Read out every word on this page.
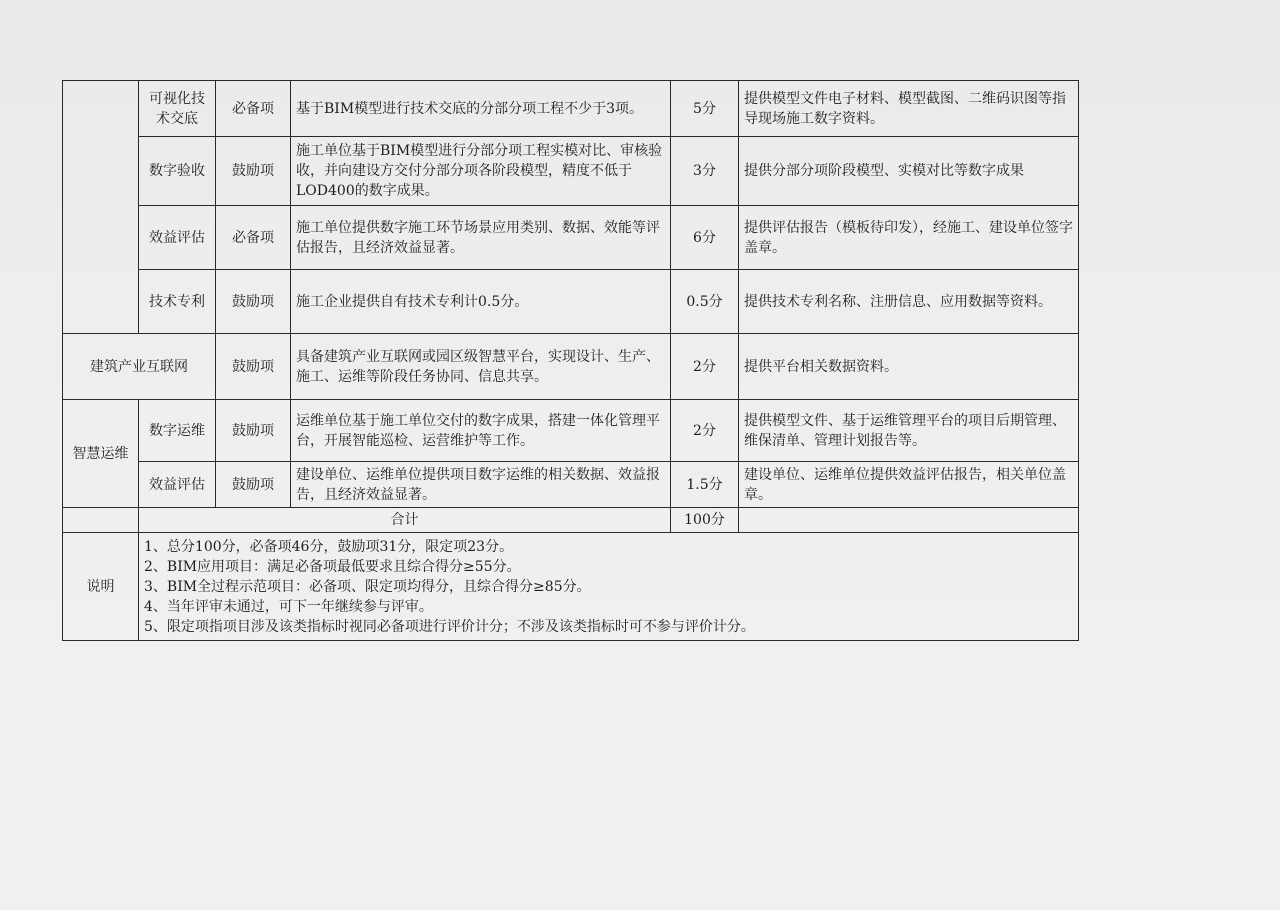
	可视化技术交底	必备项	基于BIM模型进行技术交底的分部分项工程不少于3项。	5分	提供模型文件电子材料、模型截图、二维码识图等指导现场施工数字资料。
	数字验收	鼓励项	施工单位基于BIM模型进行分部分项工程实模对比、审核验收，并向建设方交付分部分项各阶段模型，精度不低于LOD400的数字成果。	3分	提供分部分项阶段模型、实模对比等数字成果
	效益评估	必备项	施工单位提供数字施工环节场景应用类别、数据、效能等评估报告，且经济效益显著。	6分	提供评估报告（模板待印发），经施工、建设单位签字盖章。
	技术专利	鼓励项	施工企业提供自有技术专利计0.5分。	0.5分	提供技术专利名称、注册信息、应用数据等资料。
建筑产业互联网		鼓励项	具备建筑产业互联网或园区级智慧平台，实现设计、生产、施工、运维等阶段任务协同、信息共享。	2分	提供平台相关数据资料。
智慧运维	数字运维	鼓励项	运维单位基于施工单位交付的数字成果，搭建一体化管理平台，开展智能巡检、运营维护等工作。	2分	提供模型文件、基于运维管理平台的项目后期管理、维保清单、管理计划报告等。
	效益评估	鼓励项	建设单位、运维单位提供项目数字运维的相关数据、效益报告，且经济效益显著。	1.5分	建设单位、运维单位提供效益评估报告，相关单位盖章。
	合计			100分	
说明	1、总分100分，必备项46分，鼓励项31分，限定项23分。
2、BIM应用项目：满足必备项最低要求且综合得分≥55分。
3、BIM全过程示范项目：必备项、限定项均得分，且综合得分≥85分。
4、当年评审未通过，可下一年继续参与评审。
5、限定项指项目涉及该类指标时视同必备项进行评价计分；不涉及该类指标时可不参与评价计分。				
